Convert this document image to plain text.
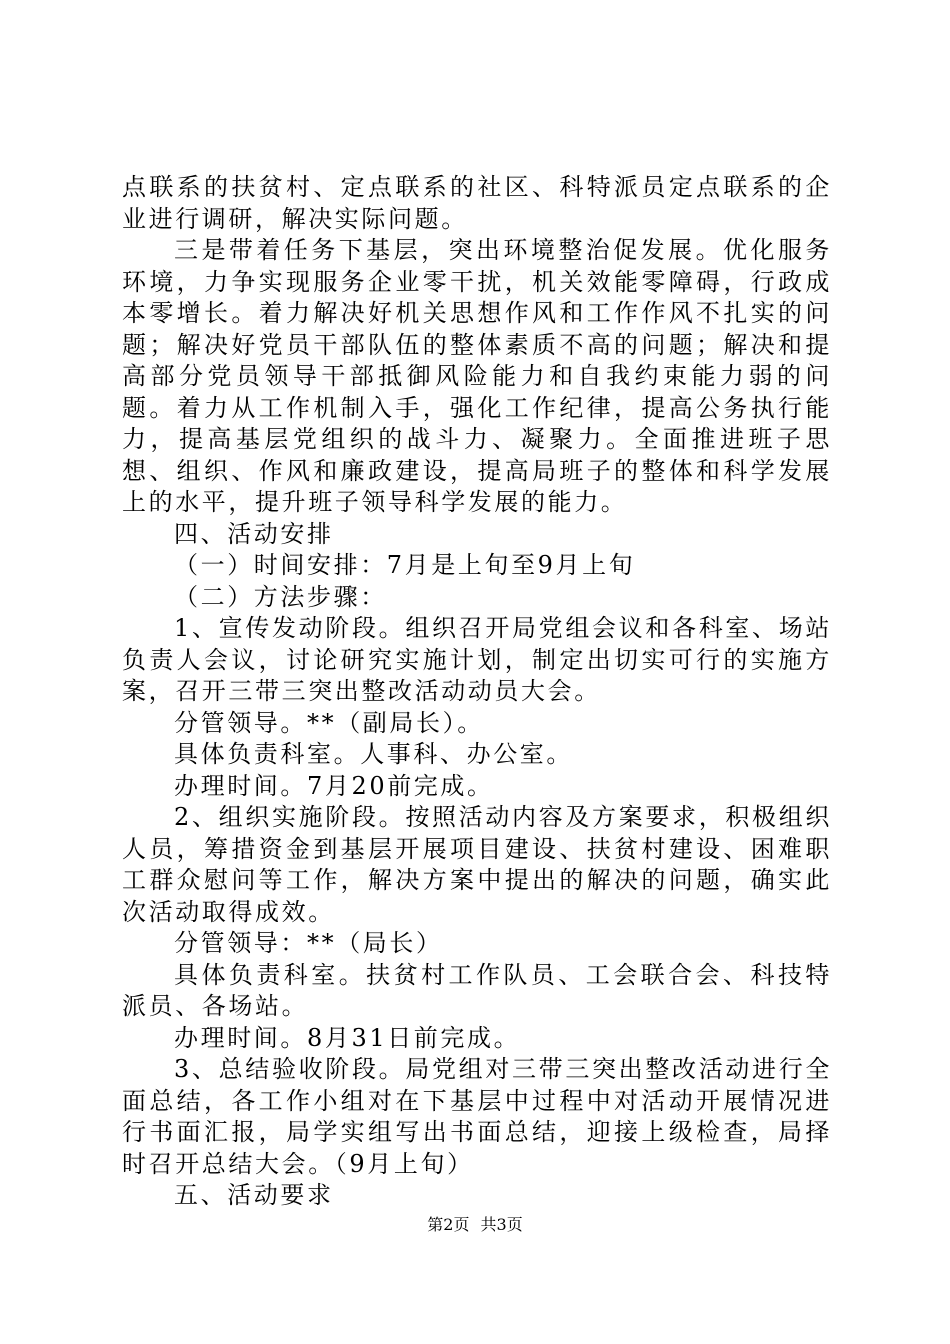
点联系的扶贫村、定点联系的社区、科特派员定点联系的企业进行调研，解决实际问题。

三是带着任务下基层，突出环境整治促发展。优化服务环境，力争实现服务企业零干扰，机关效能零障碍，行政成本零增长。着力解决好机关思想作风和工作作风不扎实的问题；解决好党员干部队伍的整体素质不高的问题；解决和提高部分党员领导干部抵御风险能力和自我约束能力弱的问题。着力从工作机制入手，强化工作纪律，提高公务执行能力，提高基层党组织的战斗力、凝聚力。全面推进班子思想、组织、作风和廉政建设，提高局班子的整体和科学发展上的水平，提升班子领导科学发展的能力。

四、活动安排

（一）时间安排：7月是上旬至9月上旬

（二）方法步骤：

1、宣传发动阶段。组织召开局党组会议和各科室、场站负责人会议，讨论研究实施计划，制定出切实可行的实施方案，召开三带三突出整改活动动员大会。

分管领导。**（副局长）。

具体负责科室。人事科、办公室。

办理时间。7月20前完成。

2、组织实施阶段。按照活动内容及方案要求，积极组织人员，筹措资金到基层开展项目建设、扶贫村建设、困难职工群众慰问等工作，解决方案中提出的解决的问题，确实此次活动取得成效。

分管领导：**（局长）

具体负责科室。扶贫村工作队员、工会联合会、科技特派员、各场站。

办理时间。8月31日前完成。

3、总结验收阶段。局党组对三带三突出整改活动进行全面总结，各工作小组对在下基层中过程中对活动开展情况进行书面汇报，局学实组写出书面总结，迎接上级检查，局择时召开总结大会。（9月上旬）

五、活动要求

第2页 共3页
